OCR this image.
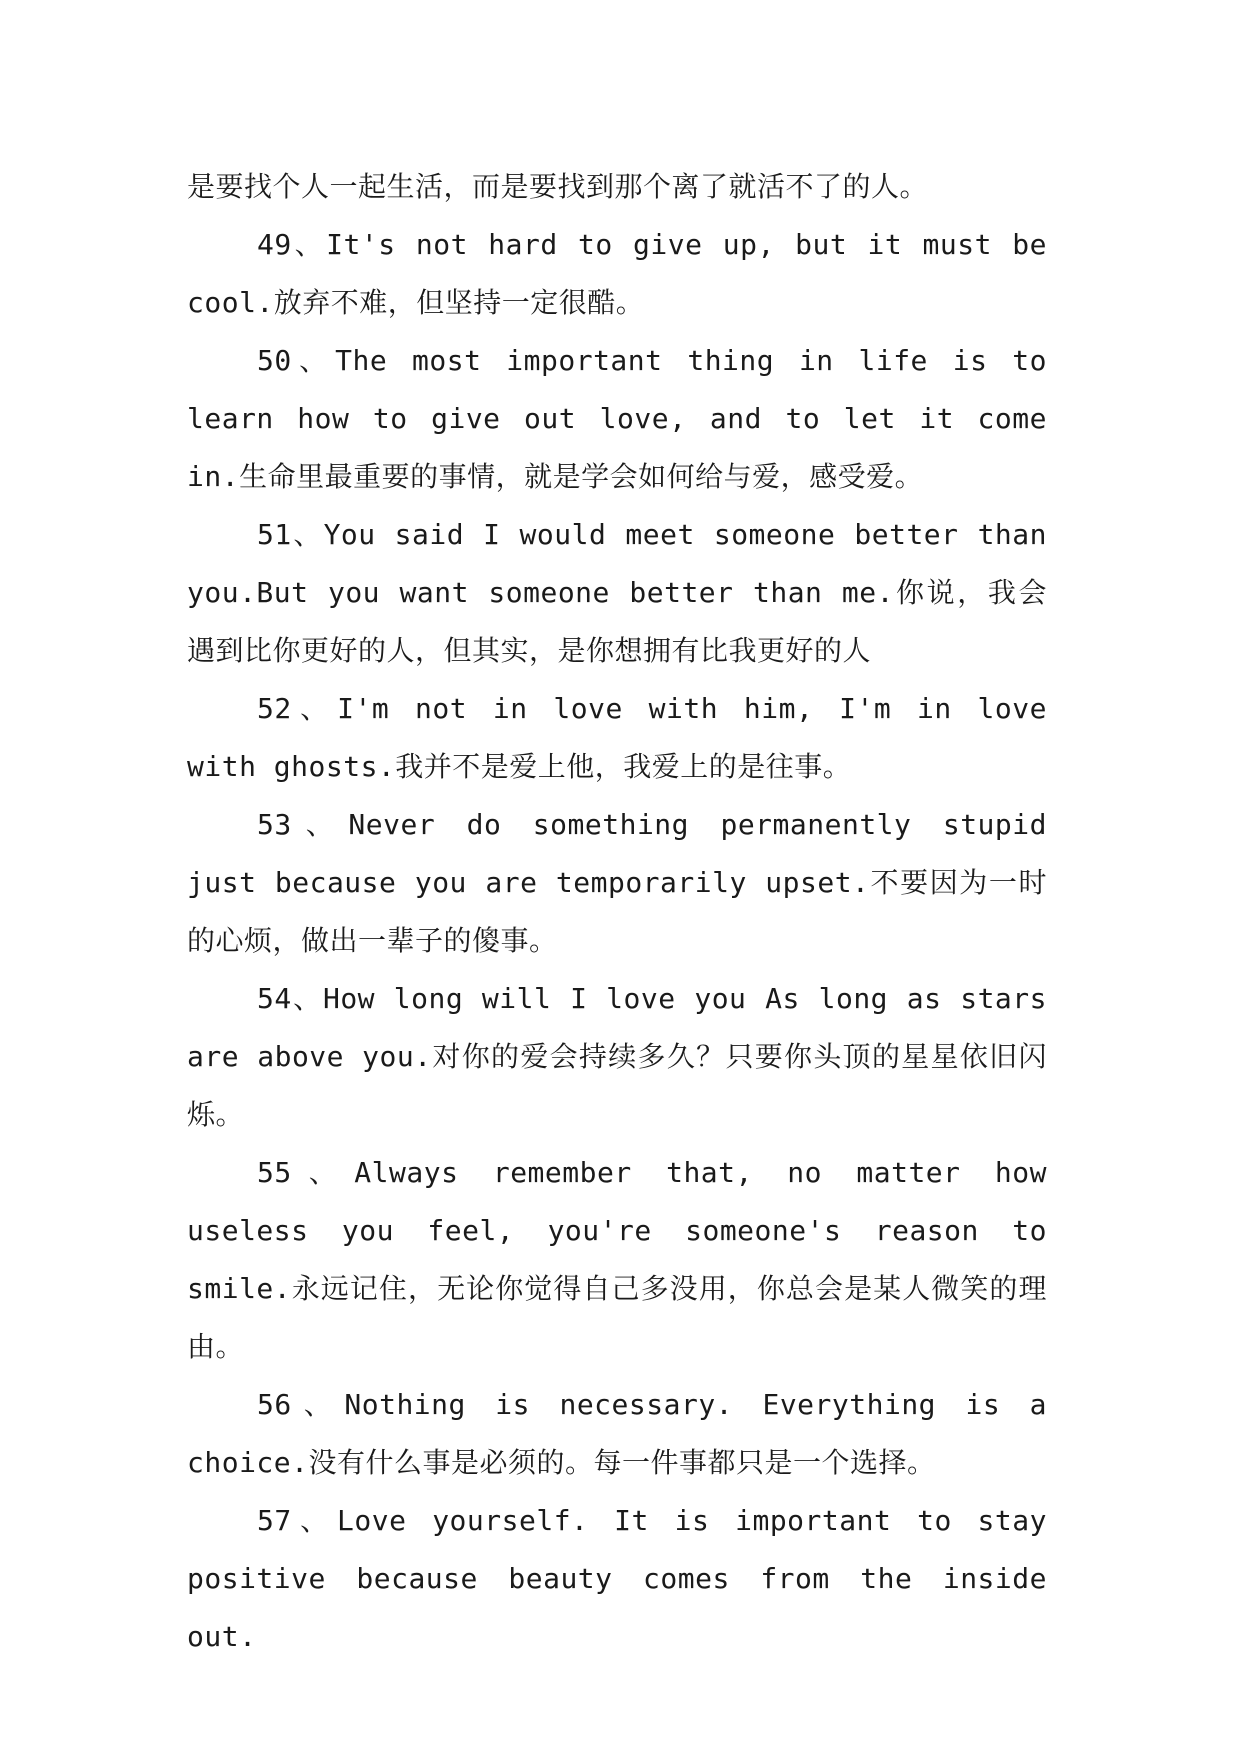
是要找个人一起生活，而是要找到那个离了就活不了的人。

49、It's not hard to give up, but it must be cool.放弃不难，但坚持一定很酷。

50、The most important thing in life is to learn how to give out love, and to let it come in.生命里最重要的事情，就是学会如何给与爱，感受爱。

51、You said I would meet someone better than you.But you want someone better than me.你说，我会遇到比你更好的人，但其实，是你想拥有比我更好的人

52、I'm not in love with him, I'm in love with ghosts.我并不是爱上他，我爱上的是往事。

53、Never do something permanently stupid just because you are temporarily upset.不要因为一时的心烦，做出一辈子的傻事。

54、How long will I love you As long as stars are above you.对你的爱会持续多久？只要你头顶的星星依旧闪烁。

55、Always remember that, no matter how useless you feel, you're someone's reason to smile.永远记住，无论你觉得自己多没用，你总会是某人微笑的理由。

56、Nothing is necessary. Everything is a choice.没有什么事是必须的。每一件事都只是一个选择。

57、Love yourself. It is important to stay positive because beauty comes from the inside out.
